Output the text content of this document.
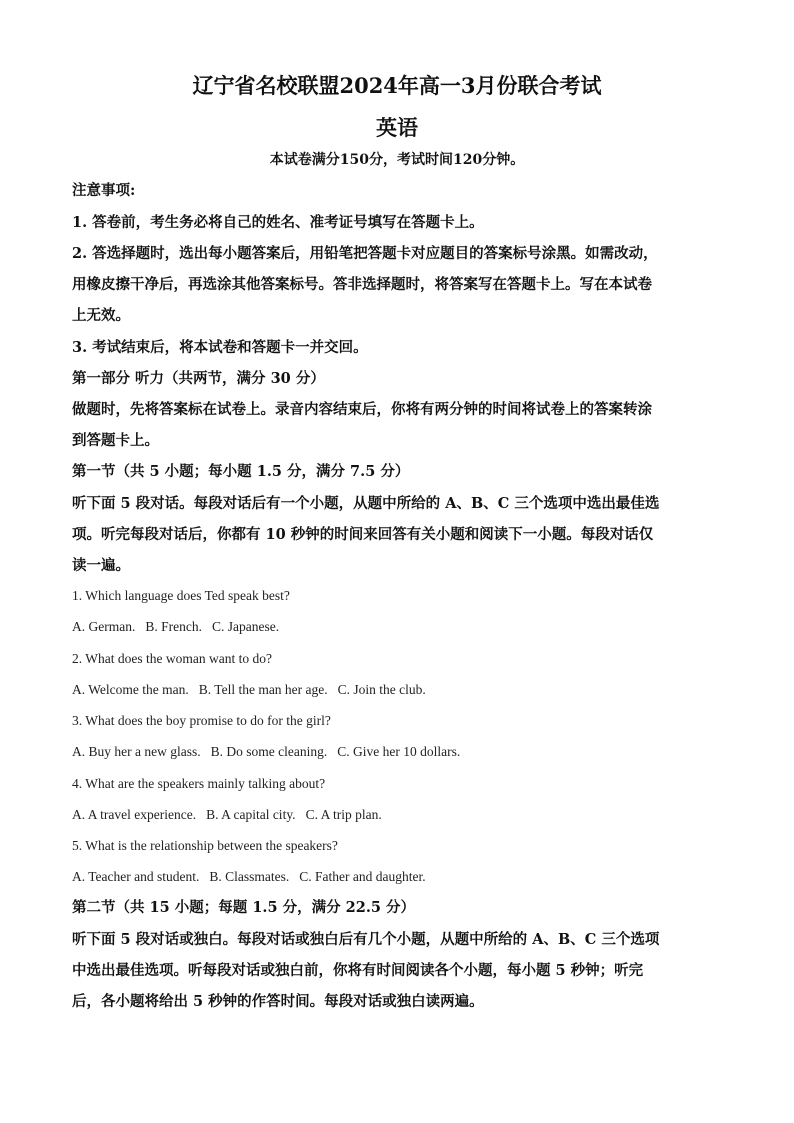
辽宁省名校联盟2024年高一3月份联合考试
英语
本试卷满分150分，考试时间120分钟。
注意事项:
1. 答卷前，考生务必将自己的姓名、准考证号填写在答题卡上。
2. 答选择题时，选出每小题答案后，用铅笔把答题卡对应题目的答案标号涂黑。如需改动，
用橡皮擦干净后，再选涂其他答案标号。答非选择题时，将答案写在答题卡上。写在本试卷
上无效。
3. 考试结束后，将本试卷和答题卡一并交回。
第一部分 听力（共两节，满分 30 分）
做题时，先将答案标在试卷上。录音内容结束后，你将有两分钟的时间将试卷上的答案转涂
到答题卡上。
第一节（共 5 小题；每小题 1.5 分，满分 7.5 分）
听下面 5 段对话。每段对话后有一个小题，从题中所给的 A、B、C 三个选项中选出最佳选
项。听完每段对话后，你都有 10 秒钟的时间来回答有关小题和阅读下一小题。每段对话仅
读一遍。
1. Which language does Ted speak best?
A. German. B. French. C. Japanese.
2. What does the woman want to do?
A. Welcome the man. B. Tell the man her age. C. Join the club.
3. What does the boy promise to do for the girl?
A. Buy her a new glass. B. Do some cleaning. C. Give her 10 dollars.
4. What are the speakers mainly talking about?
A. A travel experience. B. A capital city. C. A trip plan.
5. What is the relationship between the speakers?
A. Teacher and student. B. Classmates. C. Father and daughter.
第二节（共 15 小题；每题 1.5 分，满分 22.5 分）
听下面 5 段对话或独白。每段对话或独白后有几个小题，从题中所给的 A、B、C 三个选项
中选出最佳选项。听每段对话或独白前，你将有时间阅读各个小题，每小题 5 秒钟；听完
后，各小题将给出 5 秒钟的作答时间。每段对话或独白读两遍。
